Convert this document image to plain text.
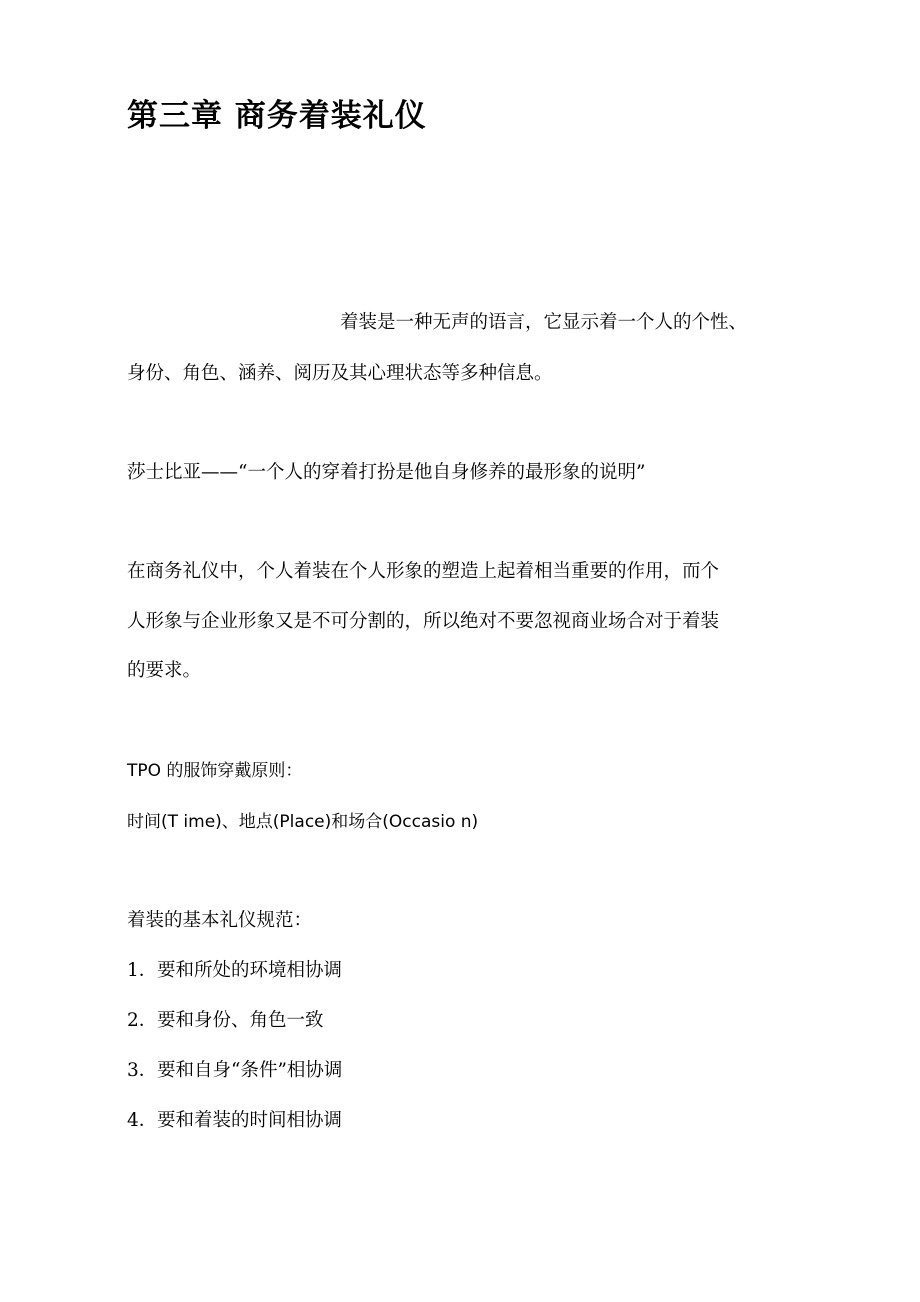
第三章 商务着装礼仪

着装是一种无声的语言，它显示着一个人的个性、

身份、角色、涵养、阅历及其心理状态等多种信息。

莎士比亚——“一个人的穿着打扮是他自身修养的最形象的说明”

在商务礼仪中，个人着装在个人形象的塑造上起着相当重要的作用，而个

人形象与企业形象又是不可分割的，所以绝对不要忽视商业场合对于着装

的要求。

TPO 的服饰穿戴原则：

时间(T ime)、地点(Place)和场合(Occasio n)

着装的基本礼仪规范：

1．要和所处的环境相协调

2．要和身份、角色一致

3．要和自身“条件”相协调

4．要和着装的时间相协调
